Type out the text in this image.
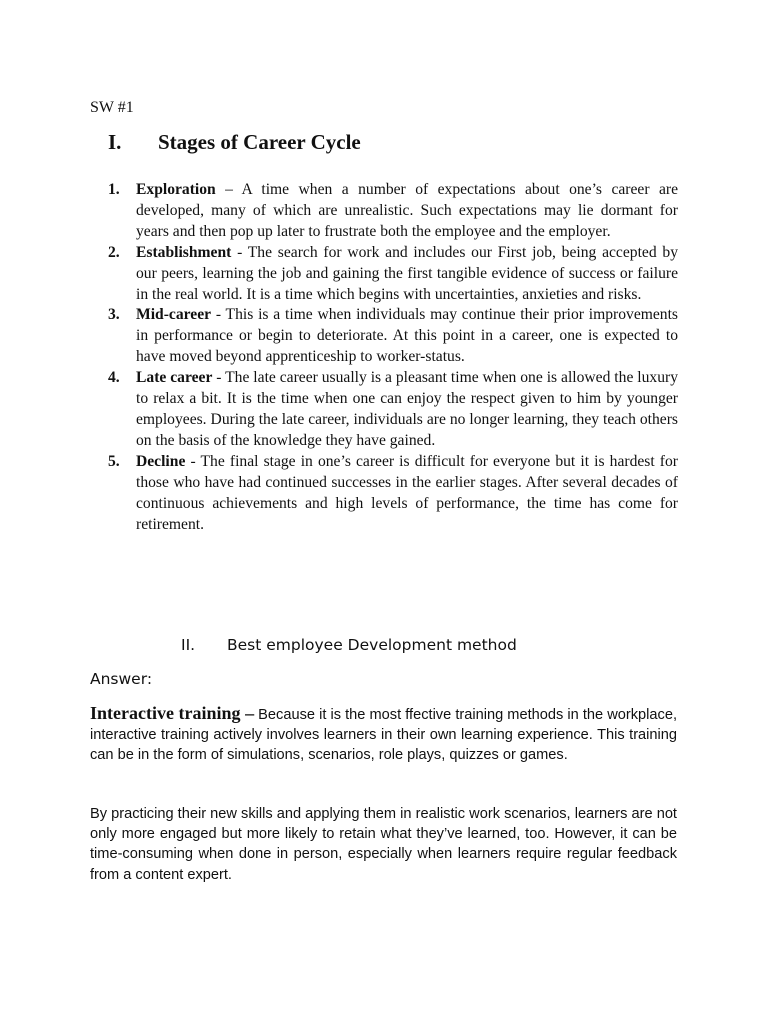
SW #1
I.	Stages of Career Cycle
1.	Exploration – A time when a number of expectations about one’s career are developed, many of which are unrealistic. Such expectations may lie dormant for years and then pop up later to frustrate both the employee and the employer.
2.	Establishment - The search for work and includes our First job, being accepted by our peers, learning the job and gaining the first tangible evidence of success or failure in the real world. It is a time which begins with uncertainties, anxieties and risks.
3.	Mid-career - This is a time when individuals may continue their prior improvements in performance or begin to deteriorate. At this point in a career, one is expected to have moved beyond apprenticeship to worker-status.
4.	Late career - The late career usually is a pleasant time when one is allowed the luxury to relax a bit. It is the time when one can enjoy the respect given to him by younger employees. During the late career, individuals are no longer learning, they teach others on the basis of the knowledge they have gained.
5.	Decline - The final stage in one’s career is difficult for everyone but it is hardest for those who have had continued successes in the earlier stages. After several decades of continuous achievements and high levels of performance, the time has come for retirement.
II.	Best employee Development method
Answer:

Interactive training – Because it is the most ffective training methods in the workplace, interactive training actively involves learners in their own learning experience. This training can be in the form of simulations, scenarios, role plays, quizzes or games.

By practicing their new skills and applying them in realistic work scenarios, learners are not only more engaged but more likely to retain what they’ve learned, too. However, it can be time-consuming when done in person, especially when learners require regular feedback from a content expert.
